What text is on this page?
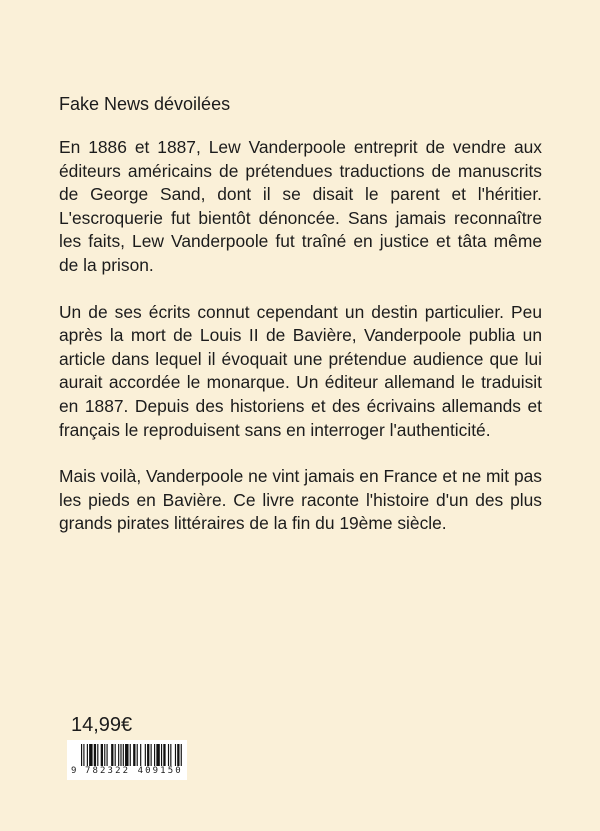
Fake News dévoilées

En 1886 et 1887, Lew Vanderpoole entreprit de vendre aux éditeurs américains de prétendues traductions de manuscrits de George Sand, dont il se disait le parent et l'héritier. L'escroquerie fut bientôt dénoncée. Sans jamais reconnaître les faits, Lew Vanderpoole fut traîné en justice et tâta même de la prison.

Un de ses écrits connut cependant un destin particulier. Peu après la mort de Louis II de Bavière, Vanderpoole publia un article dans lequel il évoquait une prétendue audience que lui aurait accordée le monarque. Un éditeur allemand le traduisit en 1887. Depuis des historiens et des écrivains allemands et français le reproduisent sans en interroger l'authenticité.

Mais voilà, Vanderpoole ne vint jamais en France et ne mit pas les pieds en Bavière. Ce livre raconte l'histoire d'un des plus grands pirates littéraires de la fin du 19ème siècle.

14,99€
9 782322 409150
